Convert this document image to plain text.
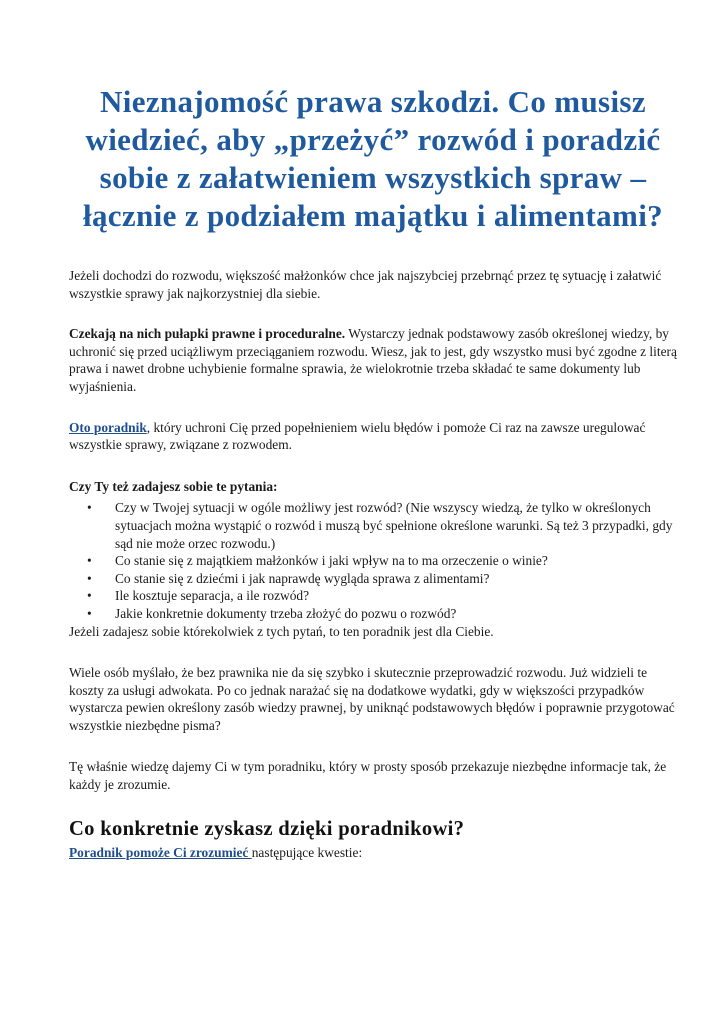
Nieznajomość prawa szkodzi. Co musisz wiedzieć, aby „przeżyć” rozwód i poradzić sobie z załatwieniem wszystkich spraw – łącznie z podziałem majątku i alimentami?

Jeżeli dochodzi do rozwodu, większość małżonków chce jak najszybciej przebrnąć przez tę sytuację i załatwić wszystkie sprawy jak najkorzystniej dla siebie.

Czekają na nich pułapki prawne i proceduralne. Wystarczy jednak podstawowy zasób określonej wiedzy, by uchronić się przed uciążliwym przeciąganiem rozwodu. Wiesz, jak to jest, gdy wszystko musi być zgodne z literą prawa i nawet drobne uchybienie formalne sprawia, że wielokrotnie trzeba składać te same dokumenty lub wyjaśnienia.

Oto poradnik, który uchroni Cię przed popełnieniem wielu błędów i pomoże Ci raz na zawsze uregulować wszystkie sprawy, związane z rozwodem.

Czy Ty też zadajesz sobie te pytania:

• Czy w Twojej sytuacji w ogóle możliwy jest rozwód? (Nie wszyscy wiedzą, że tylko w określonych sytuacjach można wystąpić o rozwód i muszą być spełnione określone warunki. Są też 3 przypadki, gdy sąd nie może orzec rozwodu.)
• Co stanie się z majątkiem małżonków i jaki wpływ na to ma orzeczenie o winie?
• Co stanie się z dziećmi i jak naprawdę wygląda sprawa z alimentami?
• Ile kosztuje separacja, a ile rozwód?
• Jakie konkretnie dokumenty trzeba złożyć do pozwu o rozwód?

Jeżeli zadajesz sobie którekolwiek z tych pytań, to ten poradnik jest dla Ciebie.

Wiele osób myślało, że bez prawnika nie da się szybko i skutecznie przeprowadzić rozwodu. Już widzieli te koszty za usługi adwokata. Po co jednak narażać się na dodatkowe wydatki, gdy w większości przypadków wystarcza pewien określony zasób wiedzy prawnej, by uniknąć podstawowych błędów i poprawnie przygotować wszystkie niezbędne pisma?

Tę właśnie wiedzę dajemy Ci w tym poradniku, który w prosty sposób przekazuje niezbędne informacje tak, że każdy je zrozumie.

Co konkretnie zyskasz dzięki poradnikowi?

Poradnik pomoże Ci zrozumieć następujące kwestie:
